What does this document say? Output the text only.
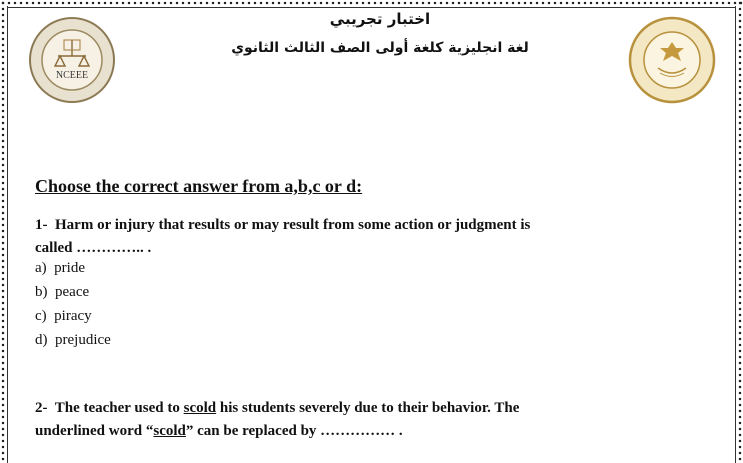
NCEEE
اختبار تجريبي
لغة انجليزية كلغة أولى الصف الثالث الثانوي
Choose the correct answer from a,b,c or d:
1- Harm or injury that results or may result from some action or judgment is
called ………….. .
a) pride
b) peace
c) piracy
d) prejudice
2- The teacher used to scold his students severely due to their behavior. The
underlined word “scold” can be replaced by …………… .
